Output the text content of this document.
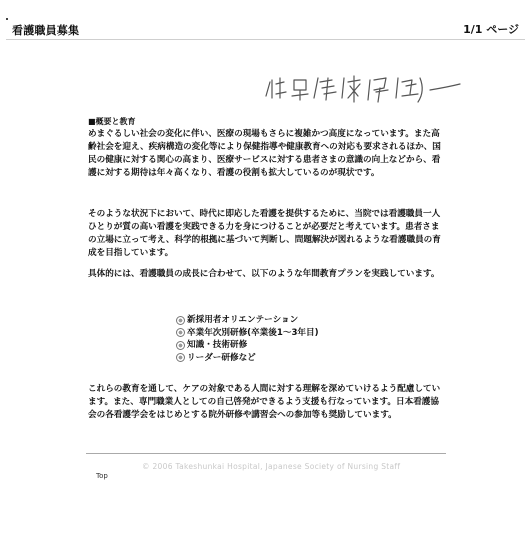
看護職員募集	1/1 ページ
■概要と教育

めまぐるしい社会の変化に伴い、医療の現場もさらに複雑かつ高度になっています。また高齢社会を迎え、疾病構造の変化等により保健指導や健康教育への対応も要求されるほか、国民の健康に対する関心の高まり、医療サービスに対する患者さまの意識の向上などから、看護に対する期待は年々高くなり、看護の役割も拡大しているのが現状です。

そのような状況下において、時代に即応した看護を提供するために、当院では看護職員一人ひとりが質の高い看護を実践できる力を身につけることが必要だと考えています。患者さまの立場に立って考え、科学的根拠に基づいて判断し、問題解決が図れるような看護職員の育成を目指しています。

具体的には、看護職員の成長に合わせて、以下のような年間教育プランを実践しています。

新採用者オリエンテーション
卒業年次別研修(卒業後1～3年目)
知識・技術研修
リーダー研修など

これらの教育を通して、ケアの対象である人間に対する理解を深めていけるよう配慮しています。また、専門職業人としての自己啓発ができるよう支援も行なっています。日本看護協会の各看護学会をはじめとする院外研修や講習会への参加等も奨励しています。

© 2006 Takeshunkai Hospital, Japanese Society of Nursing Staff
Top
